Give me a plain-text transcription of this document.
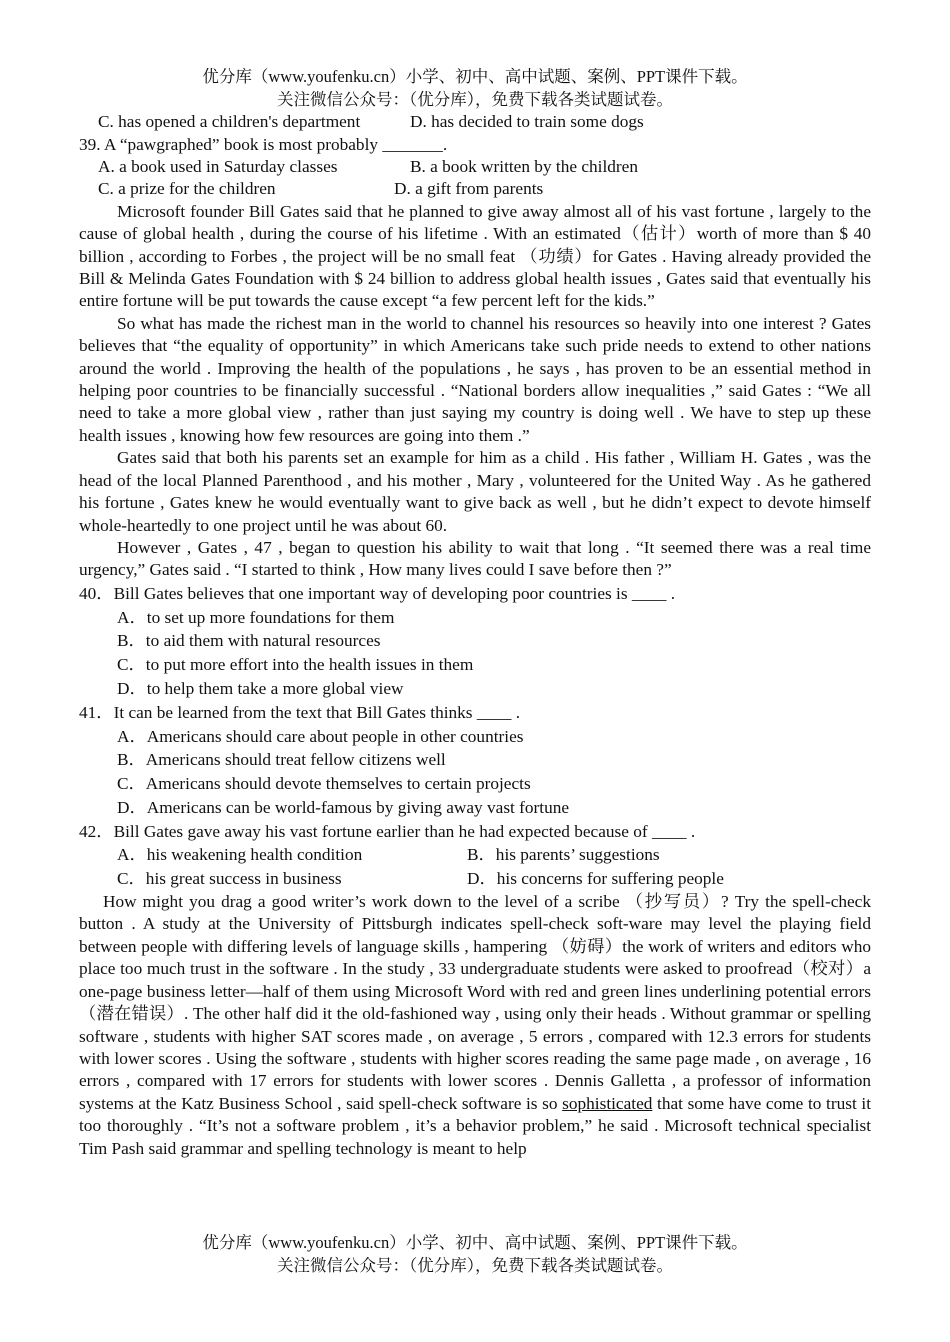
优分库（www.youfenku.cn）小学、初中、高中试题、案例、PPT课件下载。
关注微信公众号：（优分库），免费下载各类试题试卷。
C. has opened a children's department	D. has decided to train some dogs
39. A “pawgraphed” book is most probably _______.
A. a book used in Saturday classes	B. a book written by the children
C. a prize for the children	D. a gift from parents
Microsoft founder Bill Gates said that he planned to give away almost all of his vast fortune , largely to the cause of global health , during the course of his lifetime . With an estimated（估计）worth of more than $ 40 billion , according to Forbes , the project will be no small feat （功绩）for Gates . Having already provided the Bill & Melinda Gates Foundation with $ 24 billion to address global health issues , Gates said that eventually his entire fortune will be put towards the cause except “a few percent left for the kids.”
So what has made the richest man in the world to channel his resources so heavily into one interest ? Gates believes that “the equality of opportunity” in which Americans take such pride needs to extend to other nations around the world . Improving the health of the populations , he says , has proven to be an essential method in helping poor countries to be financially successful . “National borders allow inequalities ,” said Gates : “We all need to take a more global view , rather than just saying my country is doing well . We have to step up these health issues , knowing how few resources are going into them .”
Gates said that both his parents set an example for him as a child . His father , William H. Gates , was the head of the local Planned Parenthood , and his mother , Mary , volunteered for the United Way . As he gathered his fortune , Gates knew he would eventually want to give back as well , but he didn’t expect to devote himself whole-heartedly to one project until he was about 60.
However , Gates , 47 , began to question his ability to wait that long . “It seemed there was a real time urgency,” Gates said . “I started to think , How many lives could I save before then ?”
40．Bill Gates believes that one important way of developing poor countries is ____ .
A．to set up more foundations for them
B．to aid them with natural resources
C．to put more effort into the health issues in them
D．to help them take a more global view
41．It can be learned from the text that Bill Gates thinks ____ .
A．Americans should care about people in other countries
B．Americans should treat fellow citizens well
C．Americans should devote themselves to certain projects
D．Americans can be world-famous by giving away vast fortune
42．Bill Gates gave away his vast fortune earlier than he had expected because of ____ .
A．his weakening health condition	B．his parents’ suggestions
C．his great success in business	D．his concerns for suffering people
How might you drag a good writer’s work down to the level of a scribe （抄写员）? Try the spell-check button . A study at the University of Pittsburgh indicates spell-check soft-ware may level the playing field between people with differing levels of language skills , hampering （妨碍）the work of writers and editors who place too much trust in the software . In the study , 33 undergraduate students were asked to proofread（校对）a one-page business letter—half of them using Microsoft Word with red and green lines underlining potential errors（潜在错误）. The other half did it the old-fashioned way , using only their heads . Without grammar or spelling software , students with higher SAT scores made , on average , 5 errors , compared with 12.3 errors for students with lower scores . Using the software , students with higher scores reading the same page made , on average , 16 errors , compared with 17 errors for students with lower scores . Dennis Galletta , a professor of information systems at the Katz Business School , said spell-check software is so sophisticated that some have come to trust it too thoroughly . “It’s not a software problem , it’s a behavior problem,” he said . Microsoft technical specialist Tim Pash said grammar and spelling technology is meant to help
优分库（www.youfenku.cn）小学、初中、高中试题、案例、PPT课件下载。
关注微信公众号：（优分库），免费下载各类试题试卷。
